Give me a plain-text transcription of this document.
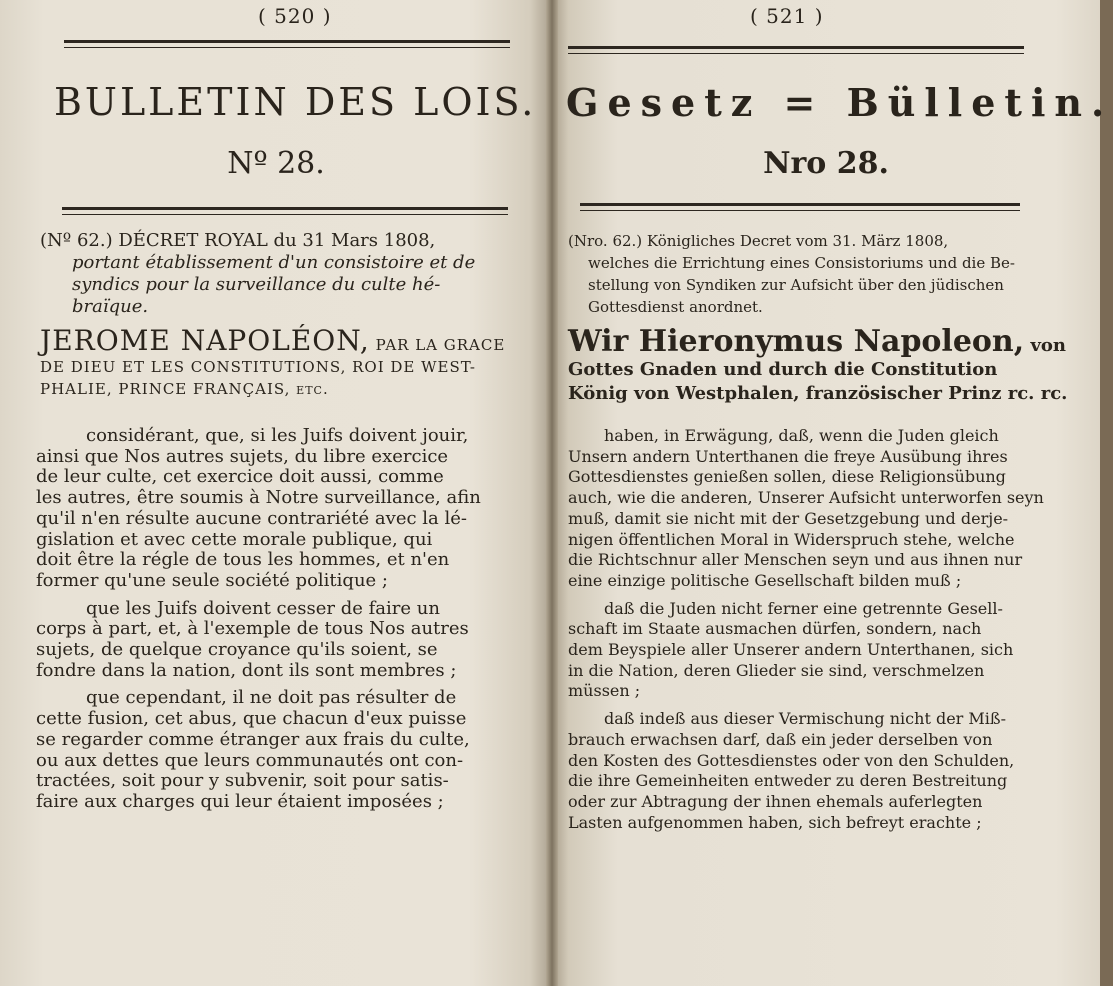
( 520 )
BULLETIN DES LOIS.
Nº 28.
(Nº 62.) DÉCRET ROYAL du 31 Mars 1808,
portant établissement d'un consistoire et de
syndics pour la surveillance du culte hé-
braïque.
JEROME NAPOLÉON, PAR LA GRACE
DE DIEU ET LES CONSTITUTIONS, ROI DE WEST-
PHALIE, PRINCE FRANÇAIS, etc.
considérant, que, si les Juifs doivent jouir,
ainsi que Nos autres sujets, du libre exercice
de leur culte, cet exercice doit aussi, comme
les autres, être soumis à Notre surveillance, afin
qu'il n'en résulte aucune contrariété avec la lé-
gislation et avec cette morale publique, qui
doit être la régle de tous les hommes, et n'en
former qu'une seule société politique ;
que les Juifs doivent cesser de faire un
corps à part, et, à l'exemple de tous Nos autres
sujets, de quelque croyance qu'ils soient, se
fondre dans la nation, dont ils sont membres ;
que cependant, il ne doit pas résulter de
cette fusion, cet abus, que chacun d'eux puisse
se regarder comme étranger aux frais du culte,
ou aux dettes que leurs communautés ont con-
tractées, soit pour y subvenir, soit pour satis-
faire aux charges qui leur étaient imposées ;
( 521 )
Nro 28.
Gesetz = Bülletin.
(Nro. 62.) Königliches Decret vom 31. März 1808,
welches die Errichtung eines Consistoriums und die Be-
stellung von Syndiken zur Aufsicht über den jüdischen
Gottesdienst anordnet.
Wir Hieronymus Napoleon, von
Gottes Gnaden und durch die Constitution
König von Westphalen, französischer Prinz rc. rc.
haben, in Erwägung, daß, wenn die Juden gleich
Unsern andern Unterthanen die freye Ausübung ihres
Gottesdienstes genießen sollen, diese Religionsübung
auch, wie die anderen, Unserer Aufsicht unterworfen seyn
muß, damit sie nicht mit der Gesetzgebung und derje-
nigen öffentlichen Moral in Widerspruch stehe, welche
die Richtschnur aller Menschen seyn und aus ihnen nur
eine einzige politische Gesellschaft bilden muß ;
daß die Juden nicht ferner eine getrennte Gesell-
schaft im Staate ausmachen dürfen, sondern, nach
dem Beyspiele aller Unserer andern Unterthanen, sich
in die Nation, deren Glieder sie sind, verschmelzen
müssen ;
daß indeß aus dieser Vermischung nicht der Miß-
brauch erwachsen darf, daß ein jeder derselben von
den Kosten des Gottesdienstes oder von den Schulden,
die ihre Gemeinheiten entweder zu deren Bestreitung
oder zur Abtragung der ihnen ehemals auferlegten
Lasten aufgenommen haben, sich befreyt erachte ;
